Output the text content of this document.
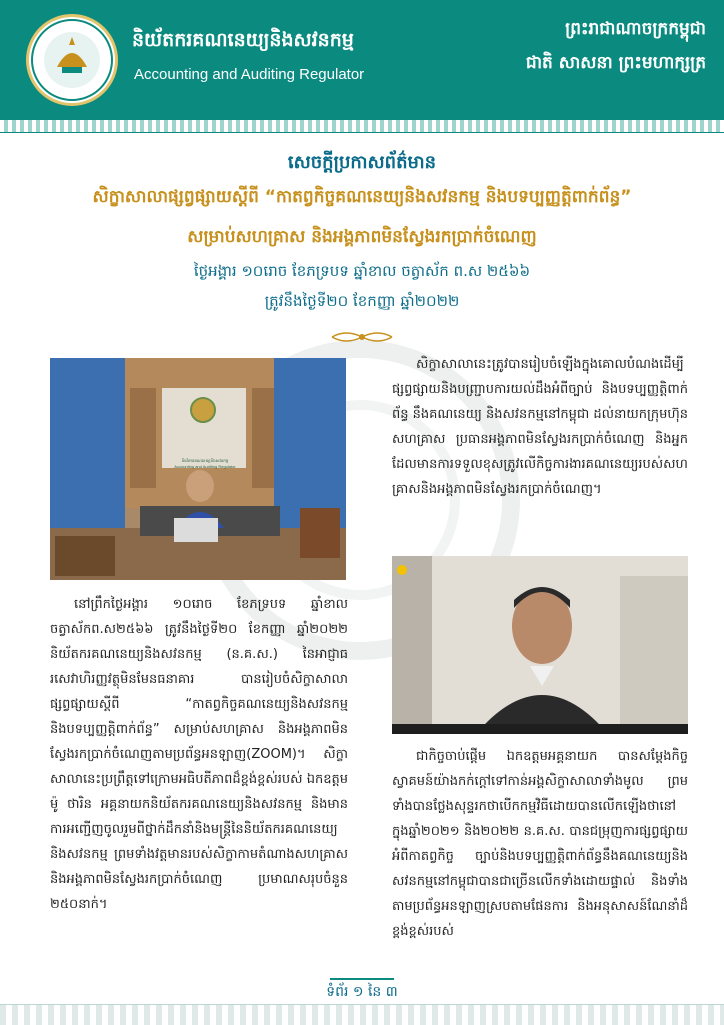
និយ័តករគណនេយ្យនិងសវនកម្ម
Accounting and Auditing Regulator
ព្រះរាជាណាចក្រកម្ពុជា
ជាតិ សាសនា ព្រះមហាក្សត្រ
សេចក្តីប្រកាសព័ត៌មាន
សិក្ខាសាលាផ្សព្វផ្សាយស្តីពី “កាតព្វកិច្ចគណនេយ្យនិងសវនកម្ម និងបទប្បញ្ញត្តិពាក់ព័ន្ធ”
សម្រាប់សហគ្រាស និងអង្គភាពមិនស្វែងរកប្រាក់ចំណេញ
ថ្ងៃអង្គារ ១០រោច ខែភទ្របទ ឆ្នាំខាល ចត្វាស័ក ព.ស ២៥៦៦
ត្រូវនឹងថ្ងៃទី២០ ខែកញ្ញា ឆ្នាំ២០២២
និយ័តករគណនេយ្យនិងសវនកម្ម
Accounting and Auditing Regulator
សិក្ខាសាលានេះត្រូវបានរៀបចំឡើងក្នុងគោលបំណងដើម្បីផ្សព្វផ្សាយនិងបញ្ជ្រាបការយល់ដឹងអំពីច្បាប់ និងបទប្បញ្ញត្តិពាក់ព័ន្ធ នឹងគណនេយ្យ និងសវនកម្មនៅកម្ពុជា ដល់នាយកក្រុមហ៊ុន សហគ្រាស ប្រធានអង្គភាពមិនស្វែងរកប្រាក់ចំណេញ និងអ្នកដែលមានការទទួលខុសត្រូវលើកិច្ចការងារគណនេយ្យរបស់សហគ្រាសនិងអង្គភាពមិនស្វែងរកប្រាក់ចំណេញ។
នៅព្រឹកថ្ងៃអង្គារ ១០រោច ខែភទ្របទ ឆ្នាំខាល ចត្វាស័កព.ស២៥៦៦ ត្រូវនឹងថ្ងៃទី២០ ខែកញ្ញា ឆ្នាំ២០២២ និយ័តករគណនេយ្យនិងសវនកម្ម (ន.គ.ស.) នៃអាជ្ញាធរសេវាហិរញ្ញវត្ថុមិនមែនធនាគារ បានរៀបចំសិក្ខាសាលាផ្សព្វផ្សាយស្តីពី “កាតព្វកិច្ចគណនេយ្យនិងសវនកម្ម និងបទប្បញ្ញត្តិពាក់ព័ន្ធ” សម្រាប់សហគ្រាស និងអង្គភាពមិនស្វែងរកប្រាក់ចំណេញតាមប្រព័ន្ធអនឡាញ(ZOOM)។ សិក្ខាសាលានេះប្រព្រឹត្តទៅក្រោមអធិបតីភាពដ៏ខ្ពង់ខ្ពស់របស់ ឯកឧត្តម ម៉ូ ថារិន អគ្គនាយកនិយ័តករគណនេយ្យនិងសវនកម្ម និងមានការអញ្ជើញចូលរួមពីថ្នាក់ដឹកនាំនិងមន្ត្រីនៃនិយ័តករគណនេយ្យនិងសវនកម្ម ព្រមទាំងវត្តមានរបស់សិក្ខាកាមតំណាងសហគ្រាស និងអង្គភាពមិនស្វែងរកប្រាក់ចំណេញ ប្រមាណសរុបចំនួន ២៥០នាក់។
ជាកិច្ចចាប់ផ្តើម ឯកឧត្តមអគ្គនាយក បានសម្តែងកិច្ចស្វាគមន៍យ៉ាងកក់ក្តៅទៅកាន់អង្គសិក្ខាសាលាទាំងមូល ព្រមទាំងបានថ្លែងសុន្ទរកថាបើកកម្មវិធីដោយបានលើកឡើងថានៅក្នុងឆ្នាំ២០២១ និង២០២២ ន.គ.ស. បានជម្រុញការផ្សព្វផ្សាយអំពីកាតព្វកិច្ច ច្បាប់និងបទប្បញ្ញត្តិពាក់ព័ន្ធនឹងគណនេយ្យនិងសវនកម្មនៅកម្ពុជាបានជាច្រើនលើកទាំងដោយផ្ទាល់ និងទាំងតាមប្រព័ន្ធអនឡាញស្របតាមផែនការ និងអនុសាសន៍ណែនាំដ៏ខ្ពង់ខ្ពស់របស់
ទំព័រ ១ នៃ ៣
